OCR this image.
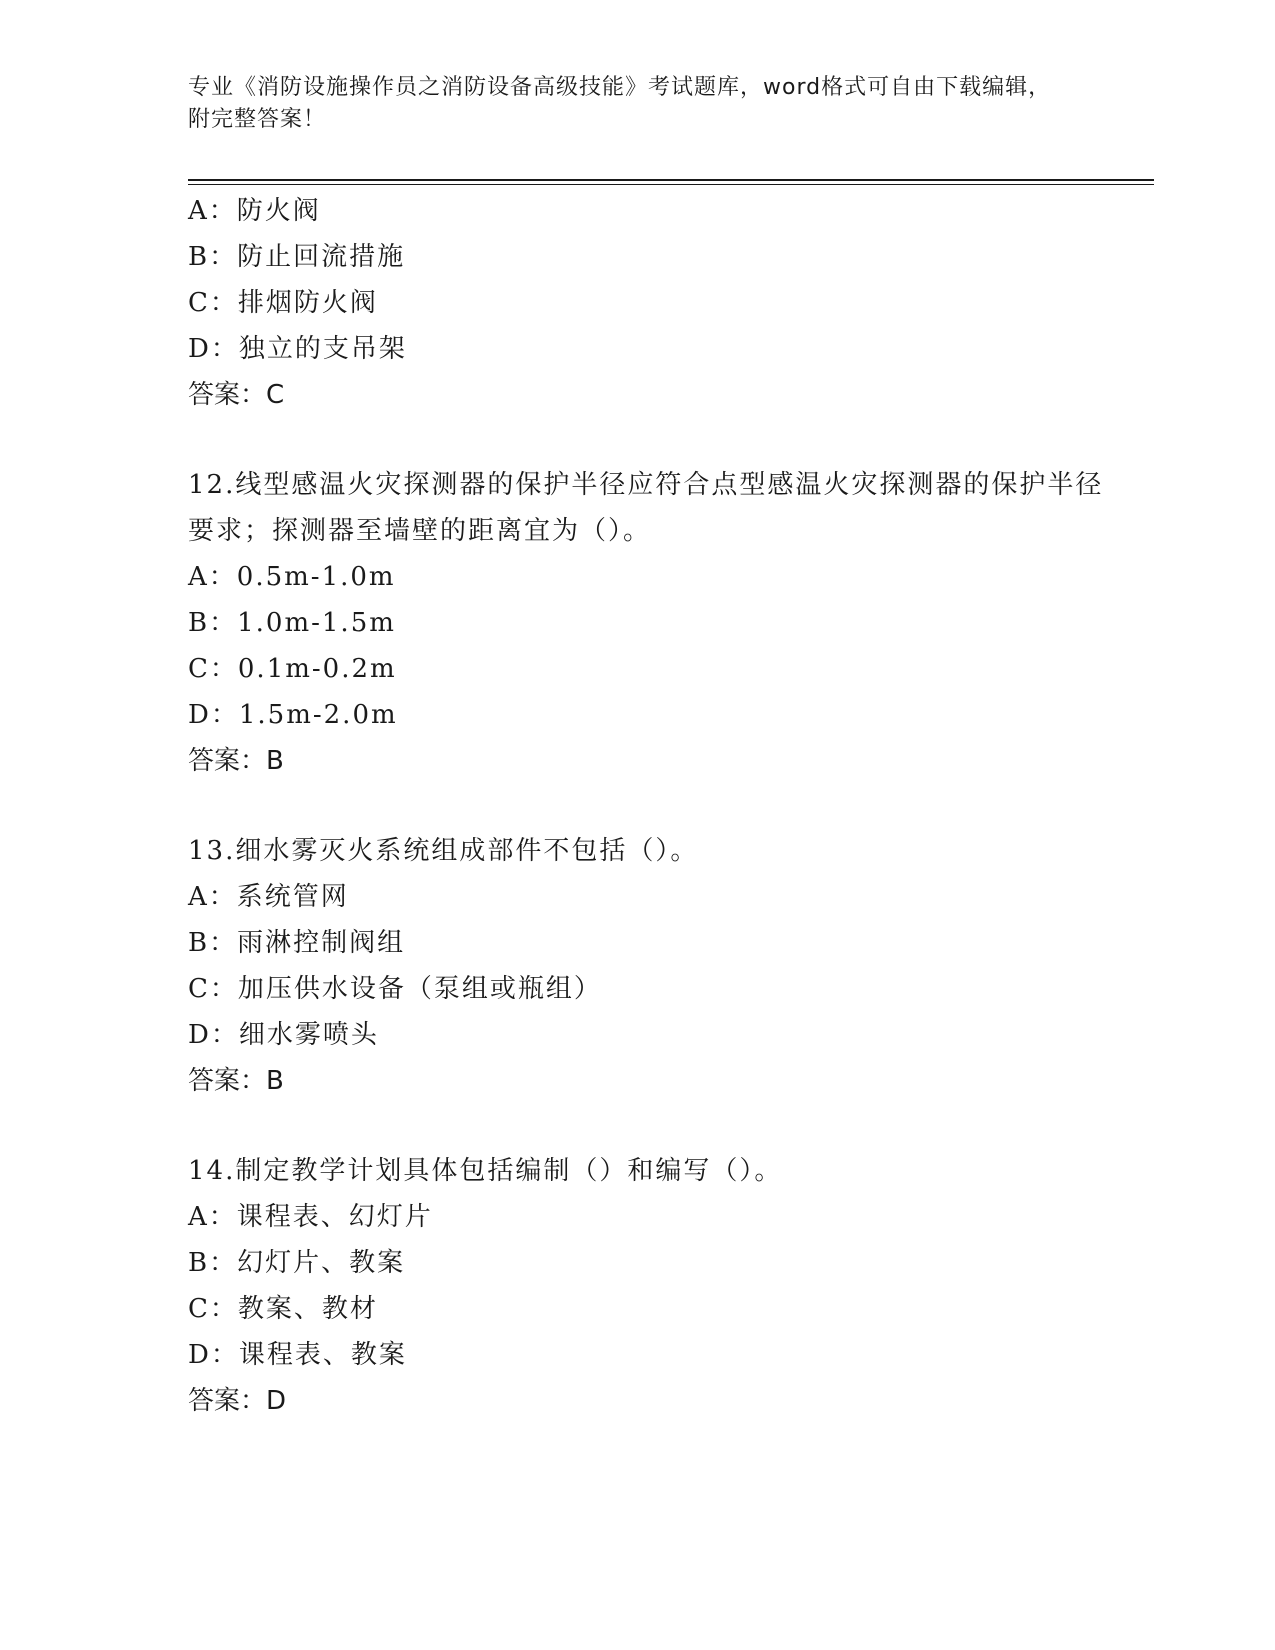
专业《消防设施操作员之消防设备高级技能》考试题库，word格式可自由下载编辑，附完整答案！
A：防火阀
B：防止回流措施
C：排烟防火阀
D：独立的支吊架
答案：C
12.线型感温火灾探测器的保护半径应符合点型感温火灾探测器的保护半径要求；探测器至墙壁的距离宜为（）。
A：0.5m-1.0m
B：1.0m-1.5m
C：0.1m-0.2m
D：1.5m-2.0m
答案：B
13.细水雾灭火系统组成部件不包括（）。
A：系统管网
B：雨淋控制阀组
C：加压供水设备（泵组或瓶组）
D：细水雾喷头
答案：B
14.制定教学计划具体包括编制（）和编写（）。
A：课程表、幻灯片
B：幻灯片、教案
C：教案、教材
D：课程表、教案
答案：D
